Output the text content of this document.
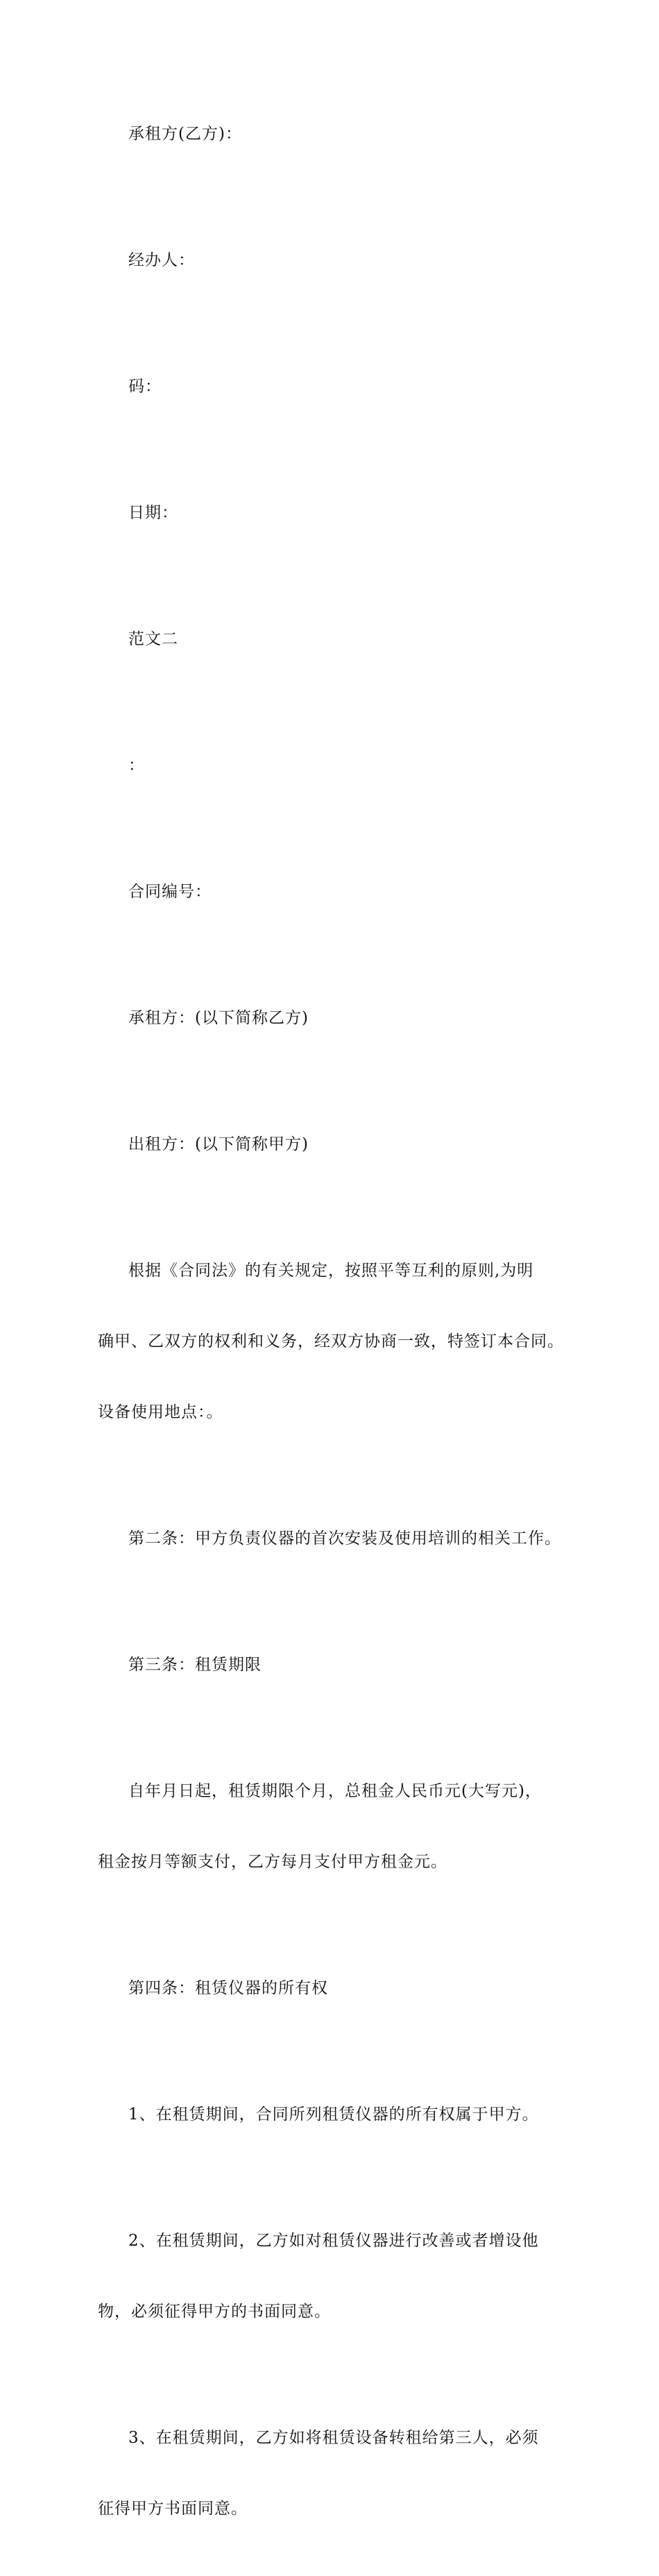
承租方(乙方)：

经办人：

码：

日期：

范文二

：

合同编号：

承租方：(以下简称乙方)

出租方：(以下简称甲方)

根据《合同法》的有关规定，按照平等互利的原则,为明

确甲、乙双方的权利和义务，经双方协商一致，特签订本合同。

设备使用地点：。

第二条：甲方负责仪器的首次安装及使用培训的相关工作。

第三条：租赁期限

自年月日起，租赁期限个月，总租金人民币元(大写元)，

租金按月等额支付，乙方每月支付甲方租金元。

第四条：租赁仪器的所有权

1、在租赁期间，合同所列租赁仪器的所有权属于甲方。

2、在租赁期间，乙方如对租赁仪器进行改善或者增设他

物，必须征得甲方的书面同意。

3、在租赁期间，乙方如将租赁设备转租给第三人，必须

征得甲方书面同意。
